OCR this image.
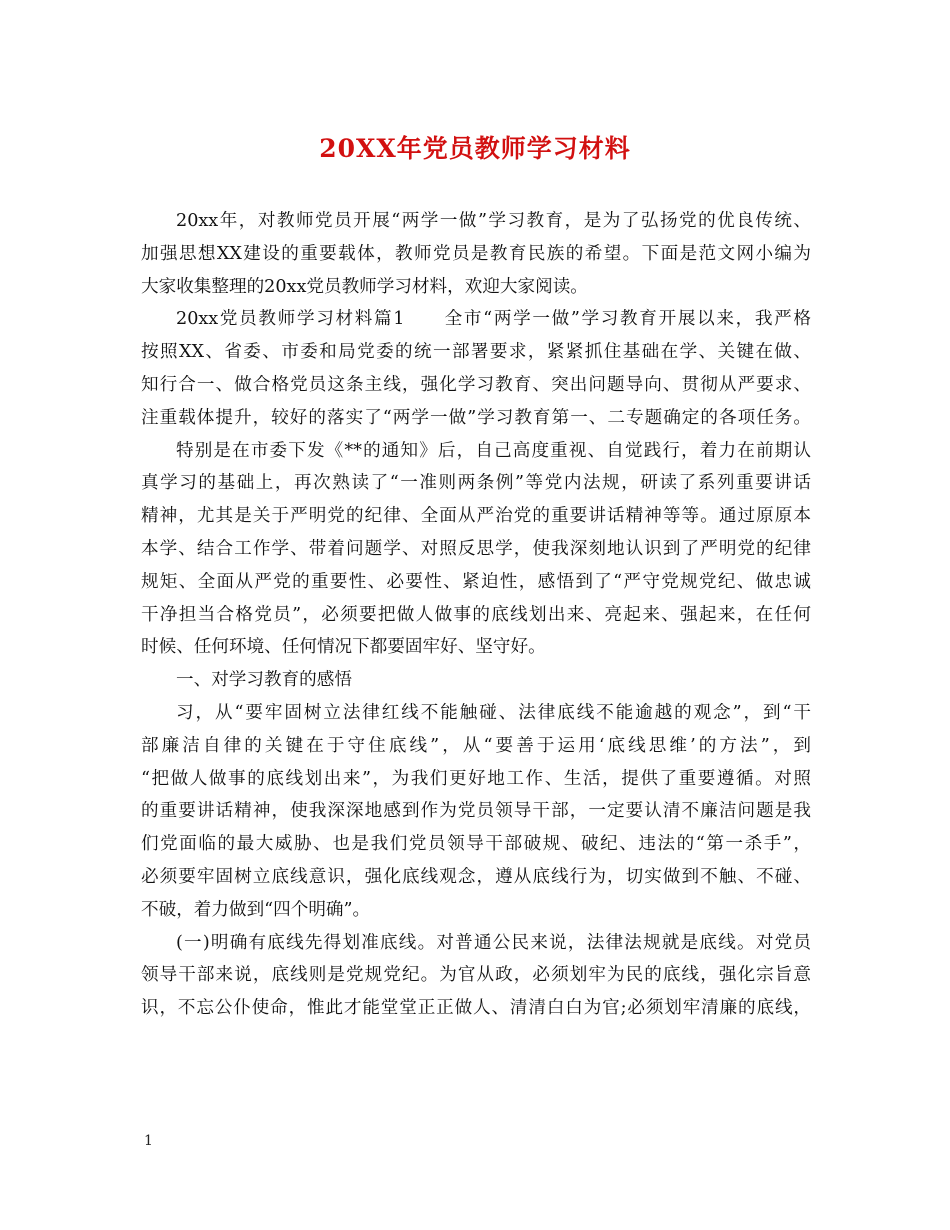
20XX年党员教师学习材料
20xx年，对教师党员开展“两学一做”学习教育，是为了弘扬党的优良传统、
加强思想XX建设的重要载体，教师党员是教育民族的希望。下面是范文网小编为
大家收集整理的20xx党员教师学习材料，欢迎大家阅读。
20xx党员教师学习材料篇1　　全市“两学一做”学习教育开展以来，我严格
按照XX、省委、市委和局党委的统一部署要求，紧紧抓住基础在学、关键在做、
知行合一、做合格党员这条主线，强化学习教育、突出问题导向、贯彻从严要求、
注重载体提升，较好的落实了“两学一做”学习教育第一、二专题确定的各项任务。
特别是在市委下发《**的通知》后，自己高度重视、自觉践行，着力在前期认
真学习的基础上，再次熟读了“一准则两条例”等党内法规，研读了系列重要讲话
精神，尤其是关于严明党的纪律、全面从严治党的重要讲话精神等等。通过原原本
本学、结合工作学、带着问题学、对照反思学，使我深刻地认识到了严明党的纪律
规矩、全面从严党的重要性、必要性、紧迫性，感悟到了“严守党规党纪、做忠诚
干净担当合格党员”，必须要把做人做事的底线划出来、亮起来、强起来，在任何
时候、任何环境、任何情况下都要固牢好、坚守好。
一、对学习教育的感悟
习，从“要牢固树立法律红线不能触碰、法律底线不能逾越的观念”，到“干
部廉洁自律的关键在于守住底线”，从“要善于运用‘底线思维’的方法”，到
“把做人做事的底线划出来”，为我们更好地工作、生活，提供了重要遵循。对照
的重要讲话精神，使我深深地感到作为党员领导干部，一定要认清不廉洁问题是我
们党面临的最大威胁、也是我们党员领导干部破规、破纪、违法的“第一杀手”，
必须要牢固树立底线意识，强化底线观念，遵从底线行为，切实做到不触、不碰、
不破，着力做到“四个明确”。
(一)明确有底线先得划准底线。对普通公民来说，法律法规就是底线。对党员
领导干部来说，底线则是党规党纪。为官从政，必须划牢为民的底线，强化宗旨意
识，不忘公仆使命，惟此才能堂堂正正做人、清清白白为官;必须划牢清廉的底线，
1
